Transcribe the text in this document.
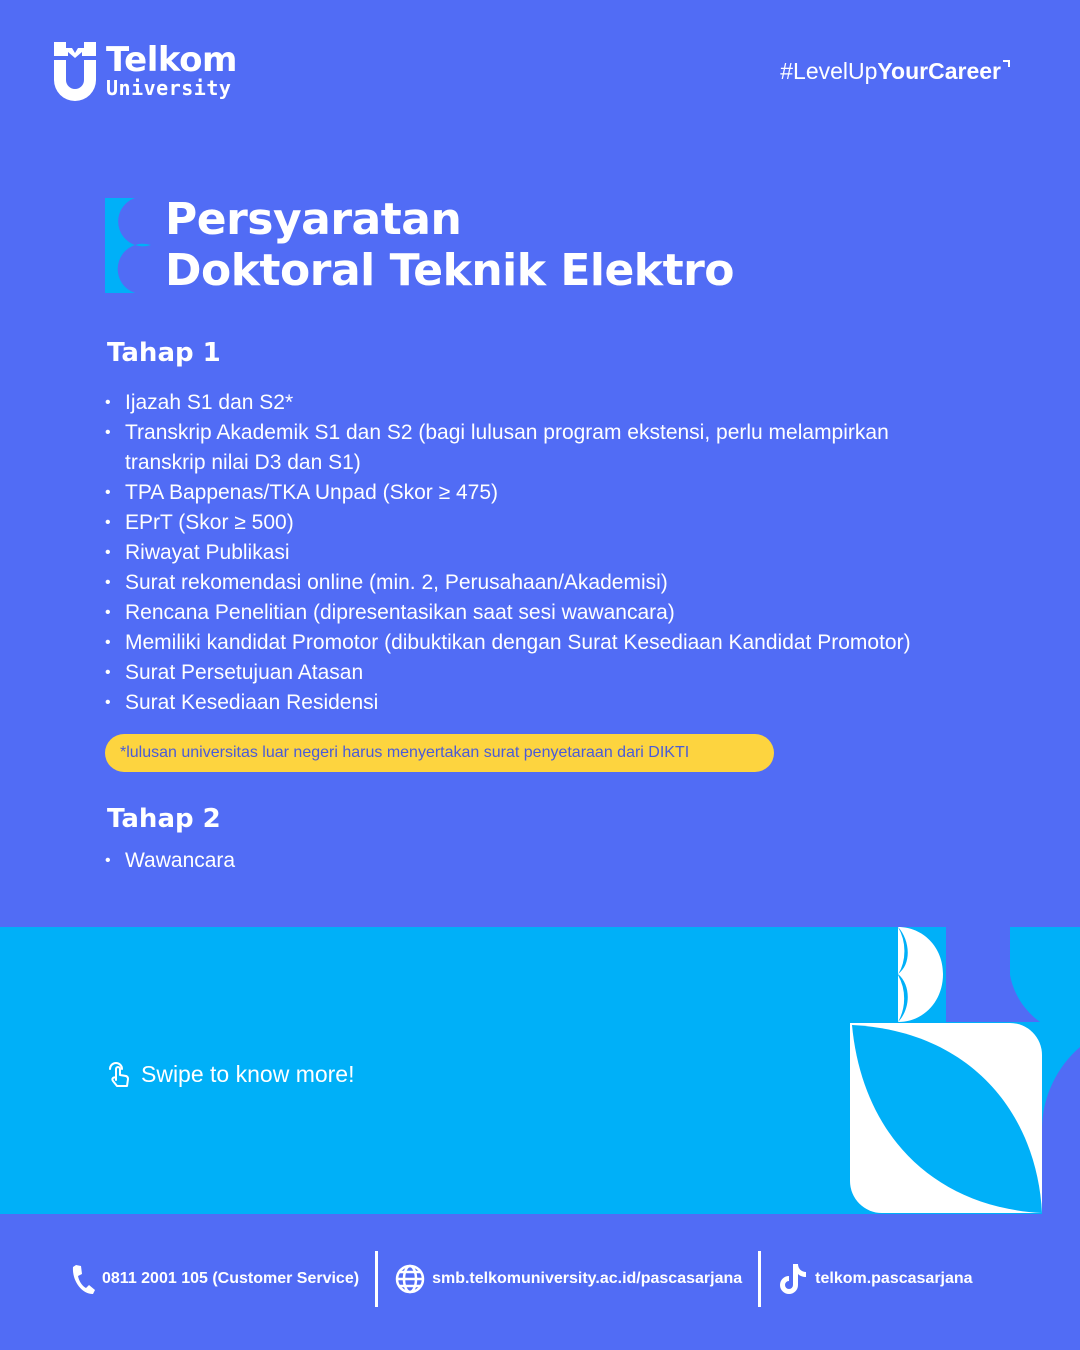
Telkom
University
#LevelUpYourCareer
Persyaratan
Doktoral Teknik Elektro
Tahap 1
• Ijazah S1 dan S2*
• Transkrip Akademik S1 dan S2 (bagi lulusan program ekstensi, perlu melampirkan transkrip nilai D3 dan S1)
• TPA Bappenas/TKA Unpad (Skor ≥ 475)
• EPrT (Skor ≥ 500)
• Riwayat Publikasi
• Surat rekomendasi online (min. 2, Perusahaan/Akademisi)
• Rencana Penelitian (dipresentasikan saat sesi wawancara)
• Memiliki kandidat Promotor (dibuktikan dengan Surat Kesediaan Kandidat Promotor)
• Surat Persetujuan Atasan
• Surat Kesediaan Residensi
*lulusan universitas luar negeri harus menyertakan surat penyetaraan dari DIKTI
Tahap 2
• Wawancara
Swipe to know more!
0811 2001 105 (Customer Service)	smb.telkomuniversity.ac.id/pascasarjana	telkom.pascasarjana
